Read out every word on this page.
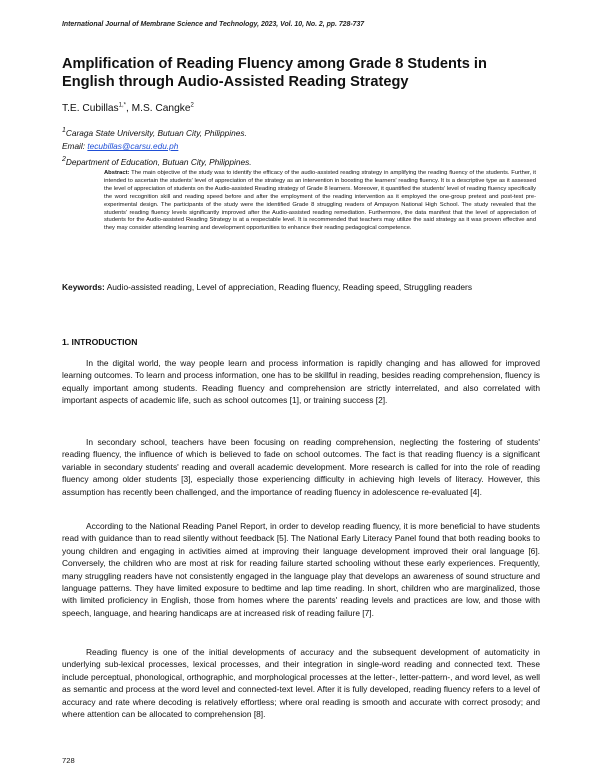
International Journal of Membrane Science and Technology, 2023, Vol. 10, No. 2, pp. 728-737
Amplification of Reading Fluency among Grade 8 Students in English through Audio-Assisted Reading Strategy
T.E. Cubillas$^{1,*}$, M.S. Cangke$^2$
$^1$Caraga State University, Butuan City, Philippines.
Email: tecubillas@carsu.edu.ph
$^2$Department of Education, Butuan City, Philippines.

Abstract: The main objective of the study was to identify the efficacy of the audio-assisted reading strategy in amplifying the reading fluency of the students. Further, it intended to ascertain the students' level of appreciation of the strategy as an intervention in boosting the learners' reading fluency. It is a descriptive type as it assessed the level of appreciation of students on the Audio-assisted Reading strategy of Grade 8 learners. Moreover, it quantified the students' level of reading fluency specifically the word recognition skill and reading speed before and after the employment of the reading intervention as it employed the one-group pretest and post-test pre-experimental design. The participants of the study were the identified Grade 8 struggling readers of Ampayon National High School. The study revealed that the students' reading fluency levels significantly improved after the Audio-assisted reading remediation. Furthermore, the data manifest that the level of appreciation of students for the Audio-assisted Reading Strategy is at a respectable level. It is recommended that teachers may utilize the said strategy as it was proven effective and they may consider attending learning and development opportunities to enhance their reading pedagogical competence.

Keywords: Audio-assisted reading, Level of appreciation, Reading fluency, Reading speed, Struggling readers

1. INTRODUCTION

In the digital world, the way people learn and process information is rapidly changing and has allowed for improved learning outcomes. To learn and process information, one has to be skillful in reading, besides reading comprehension, fluency is equally important among students. Reading fluency and comprehension are strictly interrelated, and also correlated with important aspects of academic life, such as school outcomes [1], or training success [2].

In secondary school, teachers have been focusing on reading comprehension, neglecting the fostering of students' reading fluency, the influence of which is believed to fade on school outcomes. The fact is that reading fluency is a significant variable in secondary students' reading and overall academic development. More research is called for into the role of reading fluency among older students [3], especially those experiencing difficulty in achieving high levels of literacy. However, this assumption has recently been challenged, and the importance of reading fluency in adolescence re-evaluated [4].

According to the National Reading Panel Report, in order to develop reading fluency, it is more beneficial to have students read with guidance than to read silently without feedback [5]. The National Early Literacy Panel found that both reading books to young children and engaging in activities aimed at improving their language development improved their oral language [6]. Conversely, the children who are most at risk for reading failure started schooling without these early experiences. Frequently, many struggling readers have not consistently engaged in the language play that develops an awareness of sound structure and language patterns. They have limited exposure to bedtime and lap time reading. In short, children who are marginalized, those with limited proficiency in English, those from homes where the parents' reading levels and practices are low, and those with speech, language, and hearing handicaps are at increased risk of reading failure [7].

Reading fluency is one of the initial developments of accuracy and the subsequent development of automaticity in underlying sub-lexical processes, lexical processes, and their integration in single-word reading and connected text. These include perceptual, phonological, orthographic, and morphological processes at the letter-, letter-pattern-, and word level, as well as semantic and process at the word level and connected-text level. After it is fully developed, reading fluency refers to a level of accuracy and rate where decoding is relatively effortless; where oral reading is smooth and accurate with correct prosody; and where attention can be allocated to comprehension [8].

728
